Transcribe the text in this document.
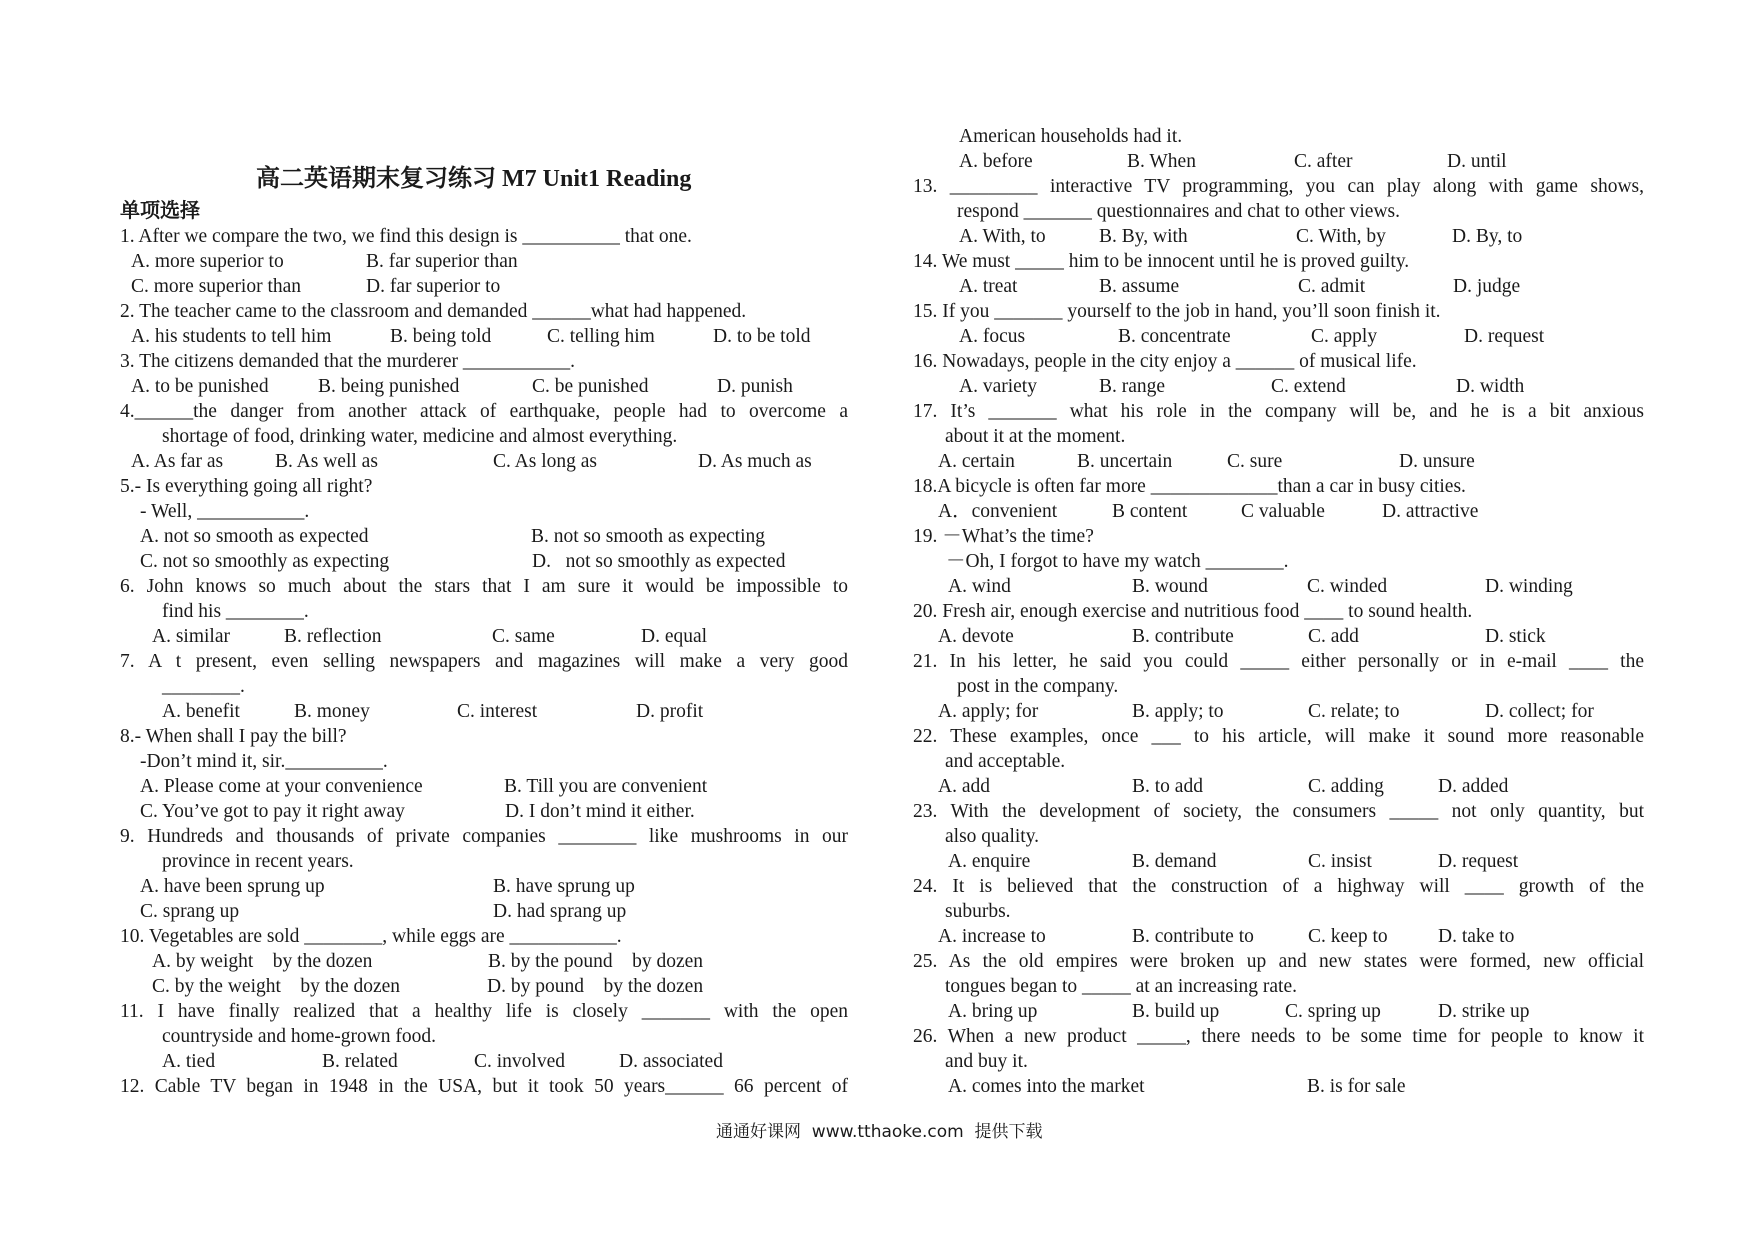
高二英语期末复习练习 M7 Unit1 Reading
单项选择
1. After we compare the two, we find this design is __________ that one.
A. more superior to	B. far superior than
C. more superior than	D. far superior to
2. The teacher came to the classroom and demanded ______what had happened.
A. his students to tell him	B. being told	C. telling him	D. to be told
3. The citizens demanded that the murderer ___________.
A. to be punished	B. being punished	C. be punished	D. punish
4.______the danger from another attack of earthquake, people had to overcome a
shortage of food, drinking water, medicine and almost everything.
A. As far as	B. As well as	C. As long as	D. As much as
5.- Is everything going all right?
- Well, ___________.
A. not so smooth as expected	B. not so smooth as expecting
C. not so smoothly as expecting	D.   not so smoothly as expected
6. John knows so much about the stars that I am sure it would be impossible to
find his ________.
A. similar	B. reflection	C. same	D. equal
7. A t present, even selling newspapers and magazines will make a very good
________.
A. benefit	B. money	C. interest	D. profit
8.- When shall I pay the bill?
-Don’t mind it, sir.__________.
A. Please come at your convenience	B. Till you are convenient
C. You’ve got to pay it right away	D. I don’t mind it either.
9. Hundreds and thousands of private companies ________ like mushrooms in our
province in recent years.
A. have been sprung up	B. have sprung up
C. sprang up	D. had sprang up
10. Vegetables are sold ________, while eggs are ___________.
A. by weight    by the dozen	B. by the pound    by dozen
C. by the weight    by the dozen	D. by pound    by the dozen
11. I have finally realized that a healthy life is closely _______ with the open
countryside and home-grown food.
A. tied	B. related	C. involved	D. associated
12. Cable TV began in 1948 in the USA, but it took 50 years______ 66 percent of
American households had it.
A. before	B. When	C. after	D. until
13. _________ interactive TV programming, you can play along with game shows,
respond _______ questionnaires and chat to other views.
A. With, to	B. By, with	C. With, by	D. By, to
14. We must _____ him to be innocent until he is proved guilty.
A. treat	B. assume	C. admit	D. judge
15. If you _______ yourself to the job in hand, you’ll soon finish it.
A. focus	B. concentrate	C. apply	D. request
16. Nowadays, people in the city enjoy a ______ of musical life.
A. variety	B. range	C. extend	D. width
17. It’s _______ what his role in the company will be, and he is a bit anxious
about it at the moment.
A. certain	B. uncertain	C. sure	D. unsure
18.A bicycle is often far more _____________than a car in busy cities.
A．convenient	B content	C valuable	D. attractive
19. －What’s the time?
－Oh, I forgot to have my watch ________.
A. wind	B. wound	C. winded	D. winding
20. Fresh air, enough exercise and nutritious food ____ to sound health.
A. devote	B. contribute	C. add	D. stick
21. In his letter, he said you could _____ either personally or in e-mail ____ the
post in the company.
A. apply; for	B. apply; to	C. relate; to	D. collect; for
22. These examples, once ___ to his article, will make it sound more reasonable
and acceptable.
A. add	B. to add	C. adding	D. added
23. With the development of society, the consumers _____ not only quantity, but
also quality.
A. enquire	B. demand	C. insist	D. request
24. It is believed that the construction of a highway will ____ growth of the
suburbs.
A. increase to	B. contribute to	C. keep to	D. take to
25. As the old empires were broken up and new states were formed, new official
tongues began to _____ at an increasing rate.
A. bring up	B. build up	C. spring up	D. strike up
26. When a new product _____, there needs to be some time for people to know it
and buy it.
A. comes into the market	B. is for sale
通通好课网  www.tthaoke.com  提供下载
